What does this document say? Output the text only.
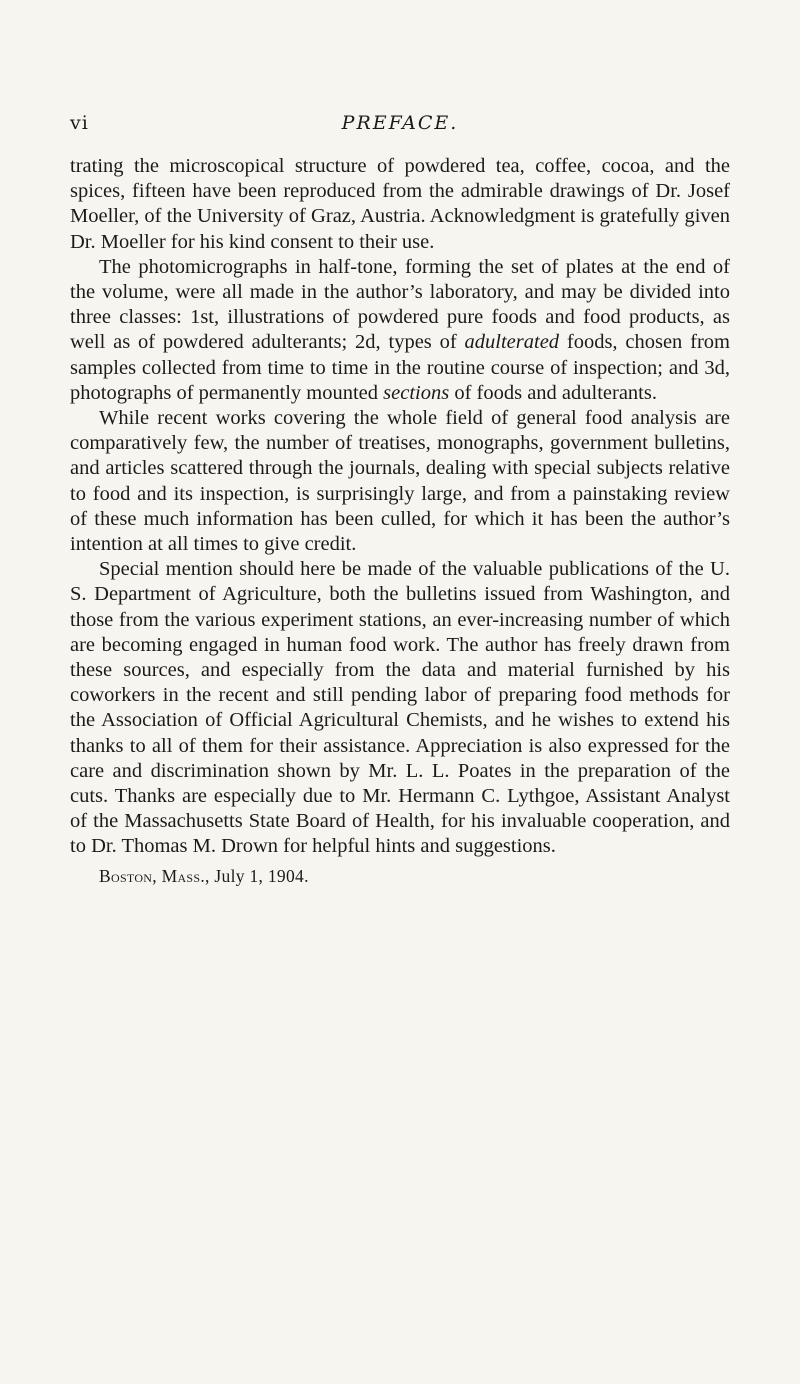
vi	PREFACE.

trating the microscopical structure of powdered tea, coffee, cocoa, and the spices, fifteen have been reproduced from the admirable drawings of Dr. Josef Moeller, of the University of Graz, Austria. Acknowledgment is gratefully given Dr. Moeller for his kind consent to their use.

The photomicrographs in half-tone, forming the set of plates at the end of the volume, were all made in the author’s laboratory, and may be divided into three classes: 1st, illustrations of powdered pure foods and food products, as well as of powdered adulterants; 2d, types of adulterated foods, chosen from samples collected from time to time in the routine course of inspection; and 3d, photographs of permanently mounted sections of foods and adulterants.

While recent works covering the whole field of general food analysis are comparatively few, the number of treatises, monographs, government bulletins, and articles scattered through the journals, dealing with special subjects relative to food and its inspection, is surprisingly large, and from a painstaking review of these much information has been culled, for which it has been the author’s intention at all times to give credit.

Special mention should here be made of the valuable publications of the U. S. Department of Agriculture, both the bulletins issued from Washington, and those from the various experiment stations, an ever-increasing number of which are becoming engaged in human food work. The author has freely drawn from these sources, and especially from the data and material furnished by his coworkers in the recent and still pending labor of preparing food methods for the Association of Official Agricultural Chemists, and he wishes to extend his thanks to all of them for their assistance. Appreciation is also expressed for the care and discrimination shown by Mr. L. L. Poates in the preparation of the cuts. Thanks are especially due to Mr. Hermann C. Lythgoe, Assistant Analyst of the Massachusetts State Board of Health, for his invaluable cooperation, and to Dr. Thomas M. Drown for helpful hints and suggestions.

Boston, Mass., July 1, 1904.
